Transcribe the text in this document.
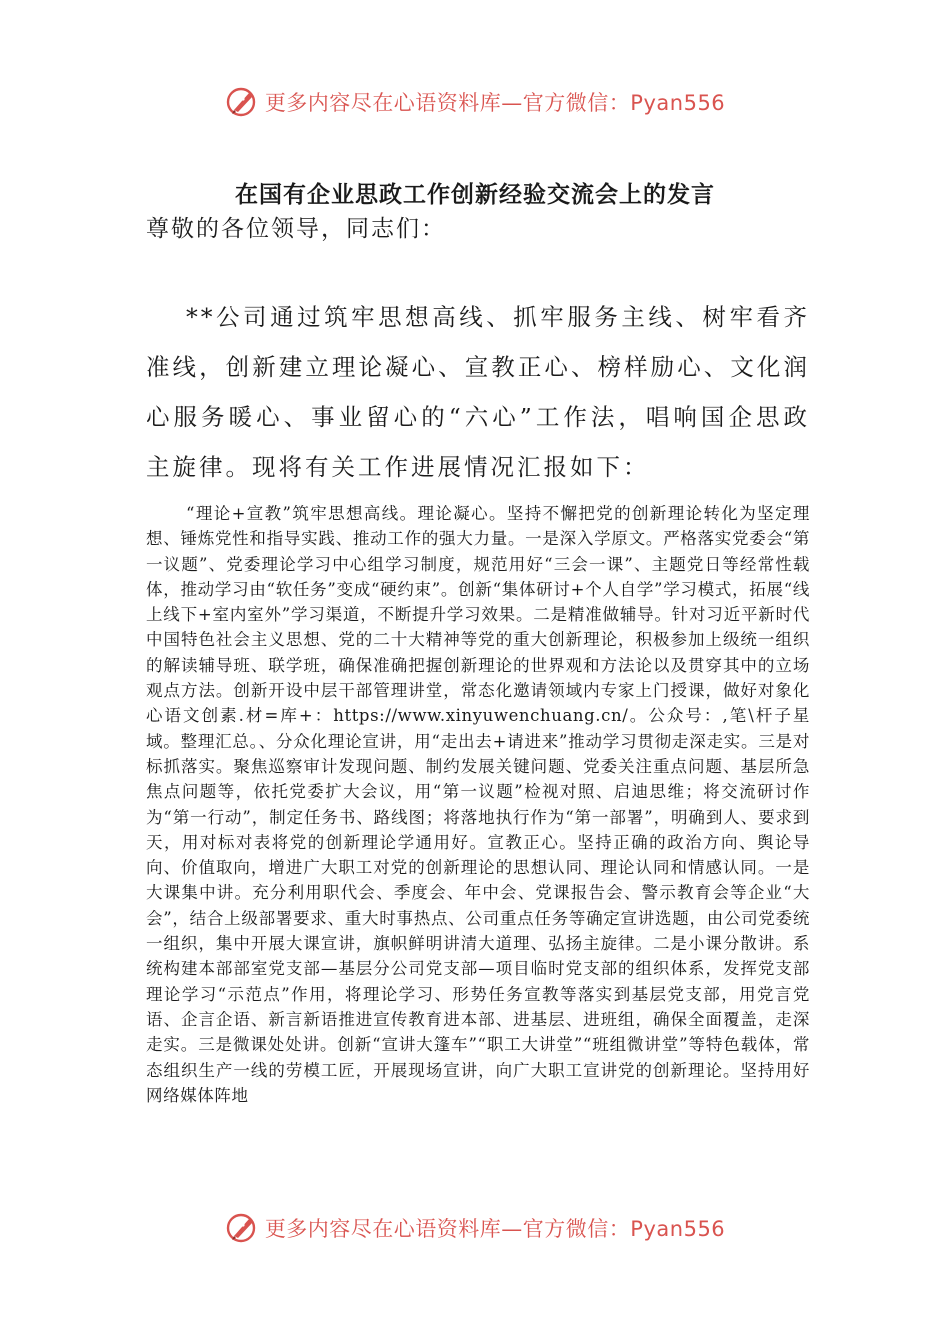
更多内容尽在心语资料库—官方微信：Pyan556
在国有企业思政工作创新经验交流会上的发言

尊敬的各位领导，同志们：

**公司通过筑牢思想高线、抓牢服务主线、树牢看齐准线，创新建立理论凝心、宣教正心、榜样励心、文化润心服务暖心、事业留心的“六心”工作法，唱响国企思政主旋律。现将有关工作进展情况汇报如下：

“理论+宣教”筑牢思想高线。理论凝心。坚持不懈把党的创新理论转化为坚定理想、锤炼党性和指导实践、推动工作的强大力量。一是深入学原文。严格落实党委会“第一议题”、党委理论学习中心组学习制度，规范用好“三会一课”、主题党日等经常性载体，推动学习由“软任务”变成“硬约束”。创新“集体研讨+个人自学”学习模式，拓展“线上线下+室内室外”学习渠道，不断提升学习效果。二是精准做辅导。针对习近平新时代中国特色社会主义思想、党的二十大精神等党的重大创新理论，积极参加上级统一组织的解读辅导班、联学班，确保准确把握创新理论的世界观和方法论以及贯穿其中的立场观点方法。创新开设中层干部管理讲堂，常态化邀请领域内专家上门授课，做好对象化心语文创素.材=库+：https://www.xinyuwenchuang.cn/。公众号：,笔\杆子星域。整理汇总。、分众化理论宣讲，用“走出去+请进来”推动学习贯彻走深走实。三是对标抓落实。聚焦巡察审计发现问题、制约发展关键问题、党委关注重点问题、基层所急焦点问题等，依托党委扩大会议，用“第一议题”检视对照、启迪思维；将交流研讨作为“第一行动”，制定任务书、路线图；将落地执行作为“第一部署”，明确到人、要求到天，用对标对表将党的创新理论学通用好。宣教正心。坚持正确的政治方向、舆论导向、价值取向，增进广大职工对党的创新理论的思想认同、理论认同和情感认同。一是大课集中讲。充分利用职代会、季度会、年中会、党课报告会、警示教育会等企业“大会”，结合上级部署要求、重大时事热点、公司重点任务等确定宣讲选题，由公司党委统一组织，集中开展大课宣讲，旗帜鲜明讲清大道理、弘扬主旋律。二是小课分散讲。系统构建本部部室党支部—基层分公司党支部—项目临时党支部的组织体系，发挥党支部理论学习“示范点”作用，将理论学习、形势任务宣教等落实到基层党支部，用党言党语、企言企语、新言新语推进宣传教育进本部、进基层、进班组，确保全面覆盖，走深走实。三是微课处处讲。创新“宣讲大篷车”“职工大讲堂”“班组微讲堂”等特色载体，常态组织生产一线的劳模工匠，开展现场宣讲，向广大职工宣讲党的创新理论。坚持用好网络媒体阵地

更多内容尽在心语资料库—官方微信：Pyan556
